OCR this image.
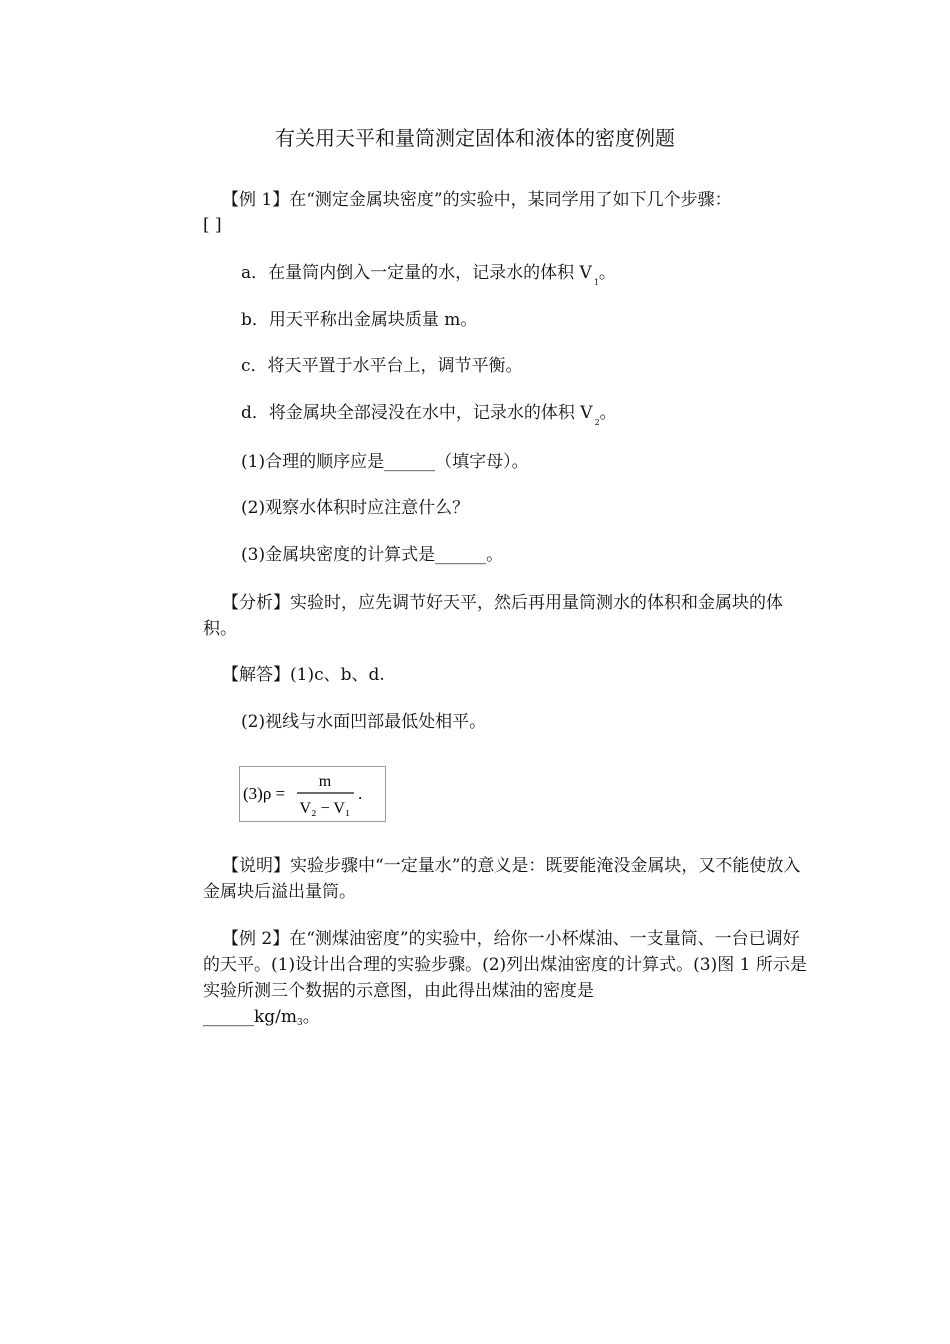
有关用天平和量筒测定固体和液体的密度例题
【例 1】在“测定金属块密度”的实验中，某同学用了如下几个步骤：
[ ]
a．在量筒内倒入一定量的水，记录水的体积 V $_1$。
b．用天平称出金属块质量 m。
c．将天平置于水平台上，调节平衡。
d．将金属块全部浸没在水中，记录水的体积 V $_2$。
(1)合理的顺序应是______（填字母）。
(2)观察水体积时应注意什么？
(3)金属块密度的计算式是______。
【分析】实验时，应先调节好天平，然后再用量筒测水的体积和金属块的体积。
【解答】(1)c、b、d.
(2)视线与水面凹部最低处相平。
(3)ρ =
m
V₂ − V₁
.
【说明】实验步骤中“一定量水”的意义是：既要能淹没金属块，又不能使放入金属块后溢出量筒。
【例 2】在“测煤油密度”的实验中，给你一小杯煤油、一支量筒、一台已调好的天平。(1)设计出合理的实验步骤。(2)列出煤油密度的计算式。(3)图 1 所示是实验所测三个数据的示意图，由此得出煤油的密度是
______kg/m3。
